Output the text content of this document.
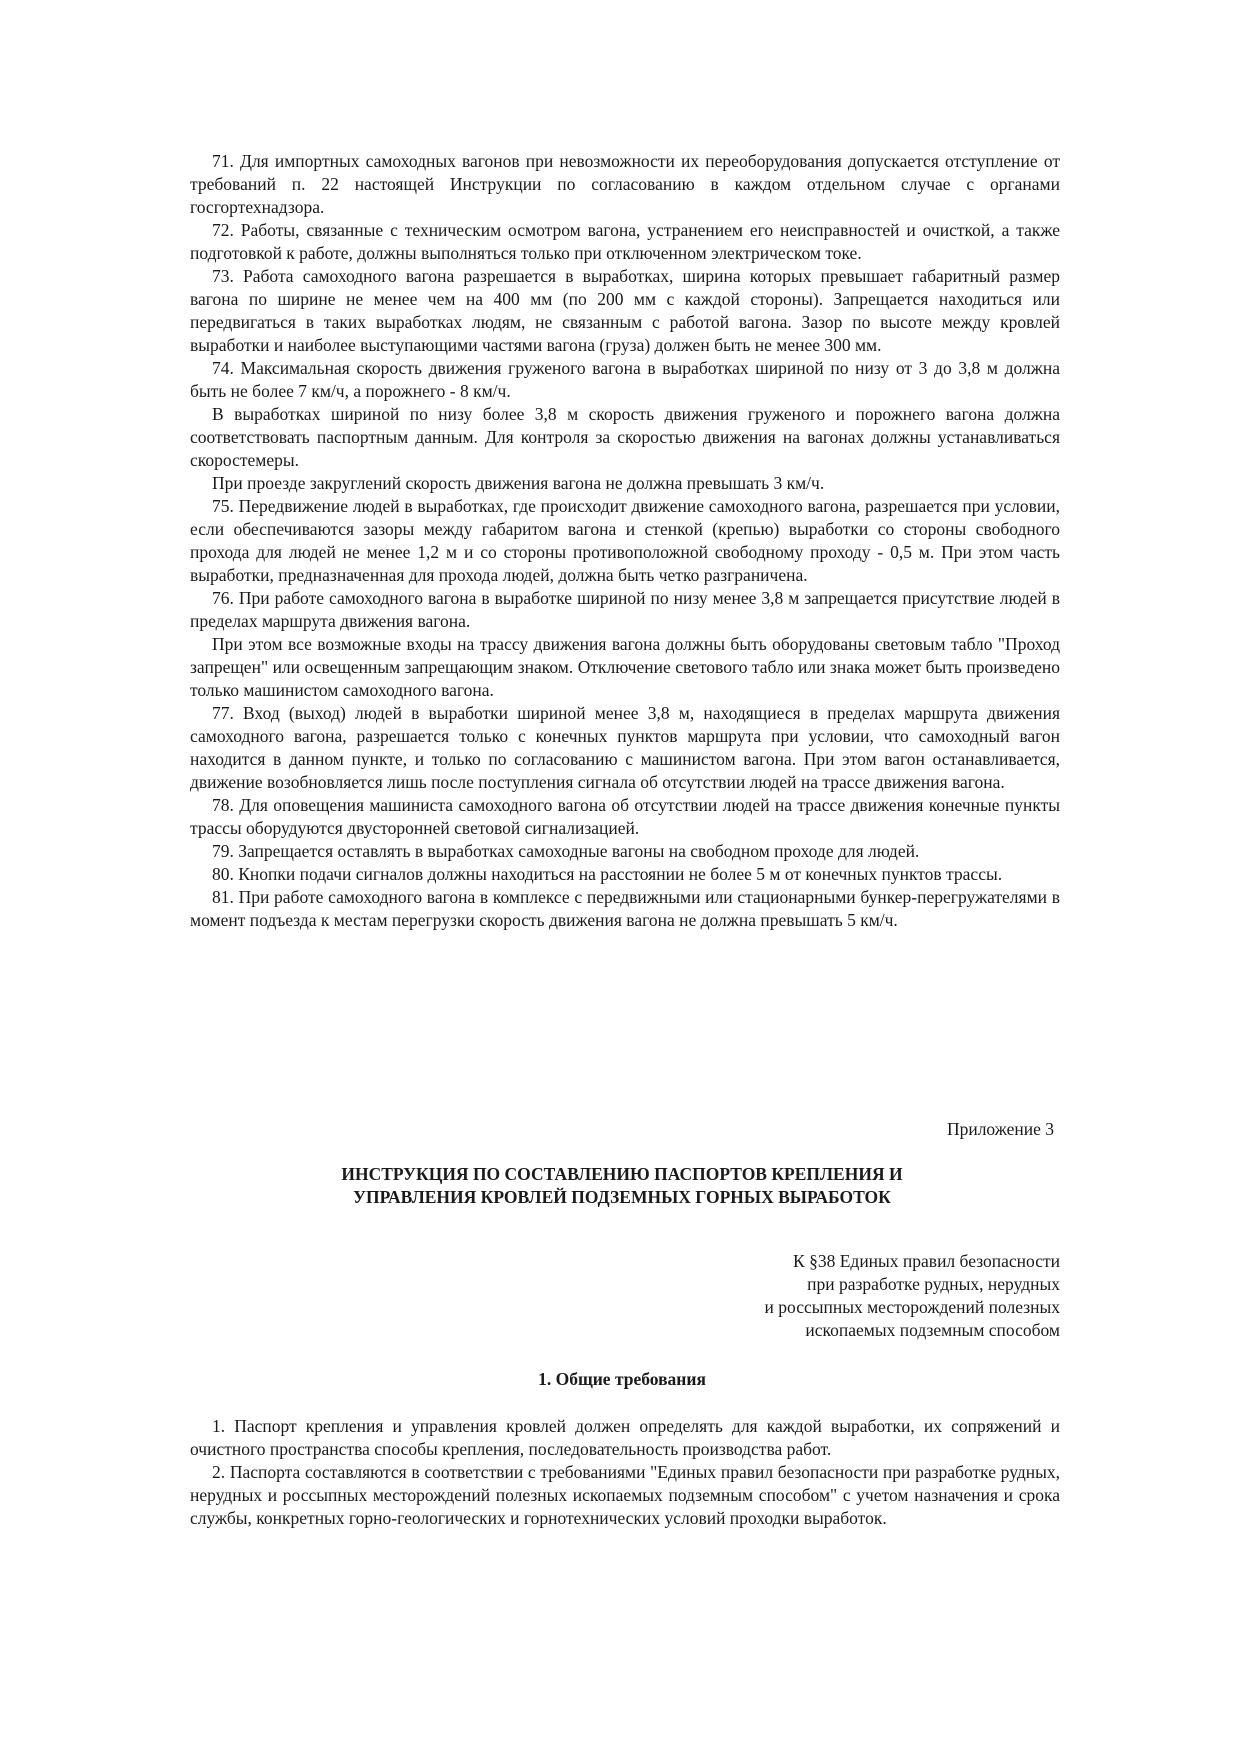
71. Для импортных самоходных вагонов при невозможности их переоборудования допускается отступление от требований п. 22 настоящей Инструкции по согласованию в каждом отдельном случае с органами госгортехнадзора.

72. Работы, связанные с техническим осмотром вагона, устранением его неисправностей и очисткой, а также подготовкой к работе, должны выполняться только при отключенном электрическом токе.

73. Работа самоходного вагона разрешается в выработках, ширина которых превышает габаритный размер вагона по ширине не менее чем на 400 мм (по 200 мм с каждой стороны). Запрещается находиться или передвигаться в таких выработках людям, не связанным с работой вагона. Зазор по высоте между кровлей выработки и наиболее выступающими частями вагона (груза) должен быть не менее 300 мм.

74. Максимальная скорость движения груженого вагона в выработках шириной по низу от 3 до 3,8 м должна быть не более 7 км/ч, а порожнего - 8 км/ч.

В выработках шириной по низу более 3,8 м скорость движения груженого и порожнего вагона должна соответствовать паспортным данным. Для контроля за скоростью движения на вагонах должны устанавливаться скоростемеры.

При проезде закруглений скорость движения вагона не должна превышать 3 км/ч.

75. Передвижение людей в выработках, где происходит движение самоходного вагона, разрешается при условии, если обеспечиваются зазоры между габаритом вагона и стенкой (крепью) выработки со стороны свободного прохода для людей не менее 1,2 м и со стороны противоположной свободному проходу - 0,5 м. При этом часть выработки, предназначенная для прохода людей, должна быть четко разграничена.

76. При работе самоходного вагона в выработке шириной по низу менее 3,8 м запрещается присутствие людей в пределах маршрута движения вагона.

При этом все возможные входы на трассу движения вагона должны быть оборудованы световым табло "Проход запрещен" или освещенным запрещающим знаком. Отключение светового табло или знака может быть произведено только машинистом самоходного вагона.

77. Вход (выход) людей в выработки шириной менее 3,8 м, находящиеся в пределах маршрута движения самоходного вагона, разрешается только с конечных пунктов маршрута при условии, что самоходный вагон находится в данном пункте, и только по согласованию с машинистом вагона. При этом вагон останавливается, движение возобновляется лишь после поступления сигнала об отсутствии людей на трассе движения вагона.

78. Для оповещения машиниста самоходного вагона об отсутствии людей на трассе движения конечные пункты трассы оборудуются двусторонней световой сигнализацией.

79. Запрещается оставлять в выработках самоходные вагоны на свободном проходе для людей.

80. Кнопки подачи сигналов должны находиться на расстоянии не более 5 м от конечных пунктов трассы.

81. При работе самоходного вагона в комплексе с передвижными или стационарными бункер-перегружателями в момент подъезда к местам перегрузки скорость движения вагона не должна превышать 5 км/ч.

Приложение 3
ИНСТРУКЦИЯ ПО СОСТАВЛЕНИЮ ПАСПОРТОВ КРЕПЛЕНИЯ И
УПРАВЛЕНИЯ КРОВЛЕЙ ПОДЗЕМНЫХ ГОРНЫХ ВЫРАБОТОК
К §38 Единых правил безопасности
при разработке рудных, нерудных
и россыпных месторождений полезных
ископаемых подземным способом
1. Общие требования

1. Паспорт крепления и управления кровлей должен определять для каждой выработки, их сопряжений и очистного пространства способы крепления, последовательность производства работ.

2. Паспорта составляются в соответствии с требованиями "Единых правил безопасности при разработке рудных, нерудных и россыпных месторождений полезных ископаемых подземным способом" с учетом назначения и срока службы, конкретных горно-геологических и горнотехнических условий проходки выработок.
